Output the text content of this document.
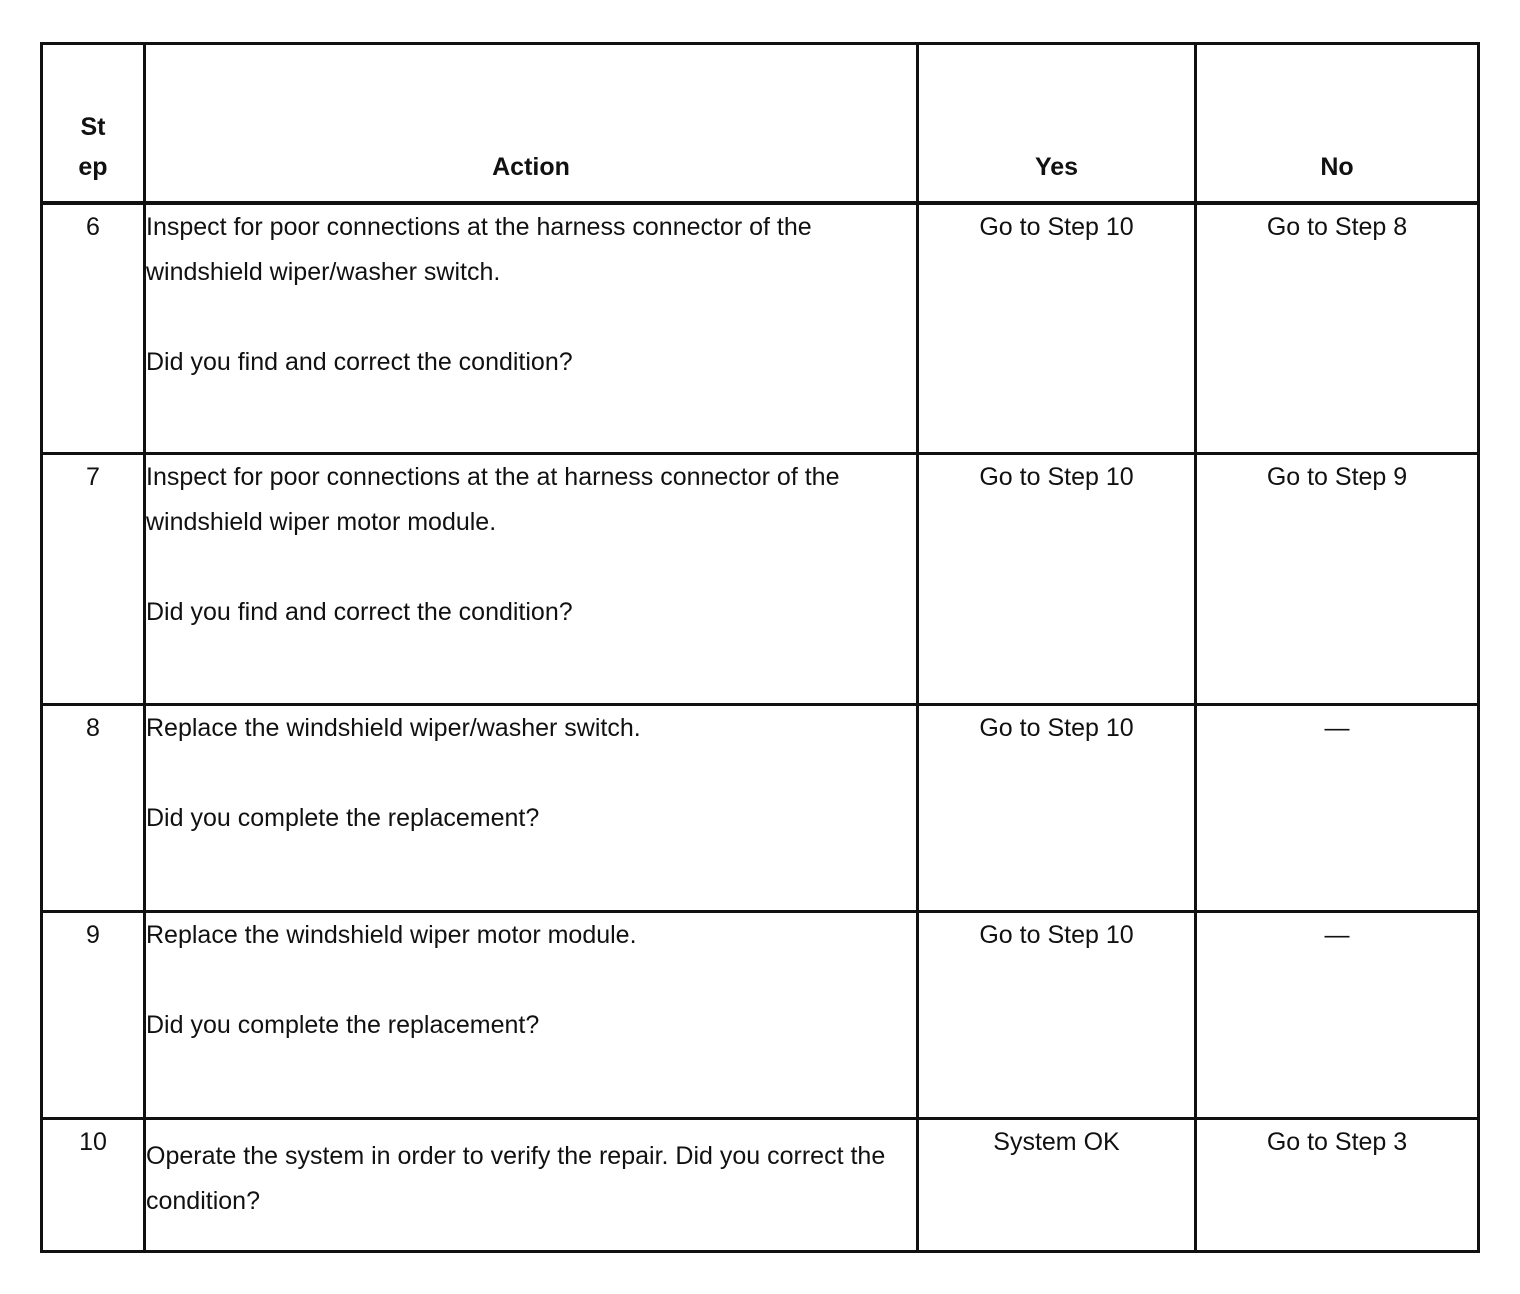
St
ep	Action	Yes	No
6	Inspect for poor connections at the harness connector of the windshield wiper/washer switch.

Did you find and correct the condition?	Go to Step 10	Go to Step 8
7	Inspect for poor connections at the at harness connector of the windshield wiper motor module.

Did you find and correct the condition?	Go to Step 10	Go to Step 9
8	Replace the windshield wiper/washer switch.

Did you complete the replacement?	Go to Step 10	—
9	Replace the windshield wiper motor module.

Did you complete the replacement?	Go to Step 10	—
10	Operate the system in order to verify the repair. Did you correct the condition?	System OK	Go to Step 3
